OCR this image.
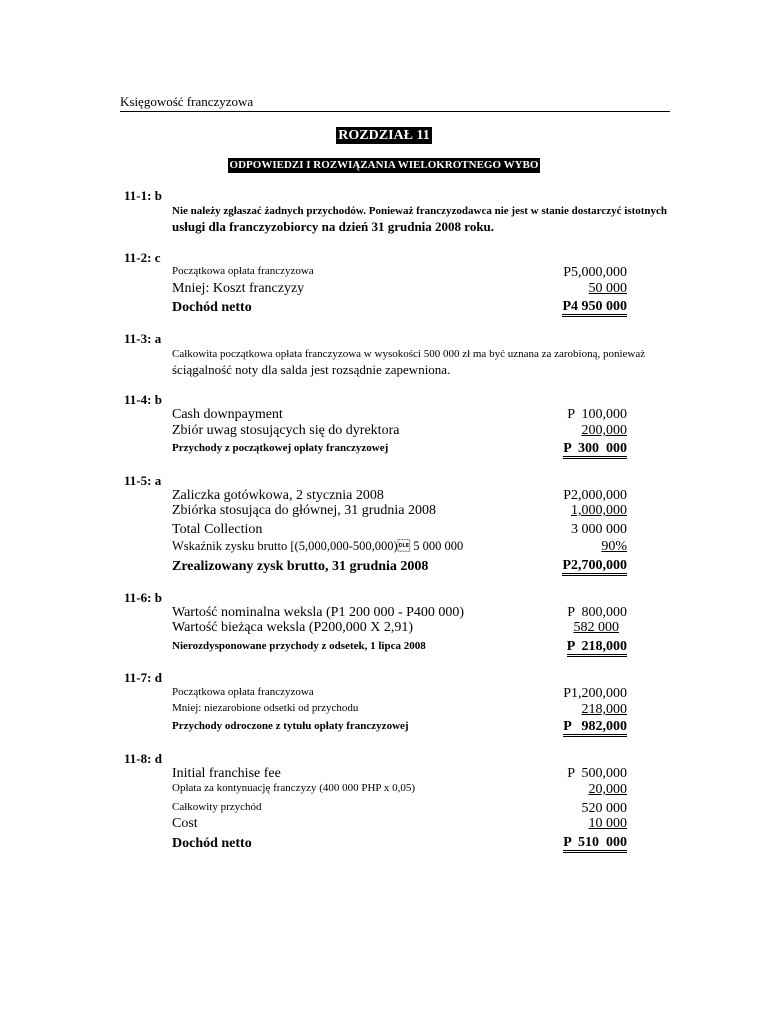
Księgowość franczyzowa
ROZDZIAŁ 11
ODPOWIEDZI I ROZWIĄZANIA WIELOKROTNEGO WYBO
11-1: b
Nie należy zgłaszać żadnych przychodów. Ponieważ franczyzodawca nie jest w stanie dostarczyć istotnych
usługi dla franczyzobiorcy na dzień 31 grudnia 2008 roku.
11-2: c
Początkowa opłata franczyzowa	P5,000,000
Mniej: Koszt franczyzy	50 000
Dochód netto	P4 950 000
11-3: a
Całkowita początkowa opłata franczyzowa w wysokości 500 000 zł ma być uznana za zarobioną, ponieważ
ściągalność noty dla salda jest rozsądnie zapewniona.
11-4: b
Cash downpayment	P  100,000
Zbiór uwag stosujących się do dyrektora	200,000
Przychody z początkowej opłaty franczyzowej	P  300  000
11-5: a
Zaliczka gotówkowa, 2 stycznia 2008	P2,000,000
Zbiórka stosująca do głównej, 31 grudnia 2008	1,000,000
Total Collection	3 000 000
Wskaźnik zysku brutto [(5,000,000-500,000) 5 000 000	90%
Zrealizowany zysk brutto, 31 grudnia 2008	P2,700,000
11-6: b
Wartość nominalna weksla (P1 200 000 - P400 000)	P  800,000
Wartość bieżąca weksla (P200,000 X 2,91)	582 000
Nierozdysponowane przychody z odsetek, 1 lipca 2008	P  218,000
11-7: d
Początkowa opłata franczyzowa	P1,200,000
Mniej: niezarobione odsetki od przychodu	218,000
Przychody odroczone z tytułu opłaty franczyzowej	P   982,000
11-8: d
Initial franchise fee	P  500,000
Opłata za kontynuację franczyzy (400 000 PHP x 0,05)	20,000
Całkowity przychód	520 000
Cost	10 000
Dochód netto	P  510  000
